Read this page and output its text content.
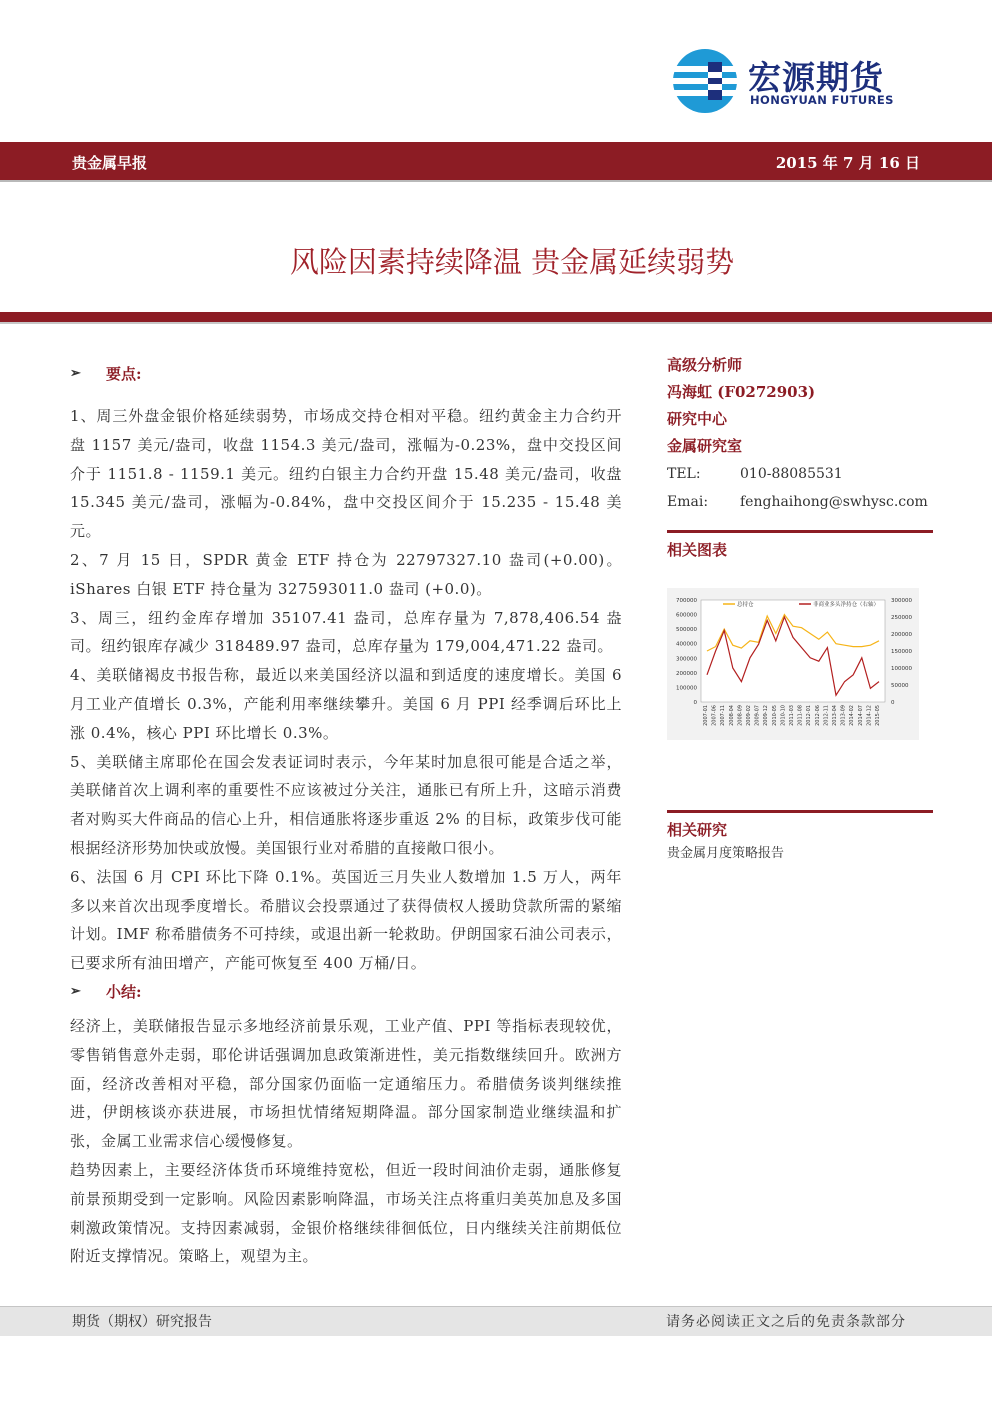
宏源期货
HONGYUAN FUTURES
贵金属早报	2015 年 7 月 16 日
风险因素持续降温 贵金属延续弱势
➢ 要点:

1、周三外盘金银价格延续弱势，市场成交持仓相对平稳。纽约黄金主力合约开盘 1157 美元/盎司，收盘 1154.3 美元/盎司，涨幅为-0.23%，盘中交投区间介于 1151.8 - 1159.1 美元。纽约白银主力合约开盘 15.48 美元/盎司，收盘 15.345 美元/盎司，涨幅为-0.84%，盘中交投区间介于 15.235 - 15.48 美元。

2、7 月 15 日，SPDR 黄金 ETF 持仓为 22797327.10 盎司(+0.00)。iShares 白银 ETF 持仓量为 327593011.0 盎司 (+0.0)。

3、周三，纽约金库存增加 35107.41 盎司，总库存量为 7,878,406.54 盎司。纽约银库存减少 318489.97 盎司，总库存量为 179,004,471.22 盎司。

4、美联储褐皮书报告称，最近以来美国经济以温和到适度的速度增长。美国 6 月工业产值增长 0.3%，产能利用率继续攀升。美国 6 月 PPI 经季调后环比上涨 0.4%，核心 PPI 环比增长 0.3%。

5、美联储主席耶伦在国会发表证词时表示，今年某时加息很可能是合适之举，美联储首次上调利率的重要性不应该被过分关注，通胀已有所上升，这暗示消费者对购买大件商品的信心上升，相信通胀将逐步重返 2% 的目标，政策步伐可能根据经济形势加快或放慢。美国银行业对希腊的直接敞口很小。

6、法国 6 月 CPI 环比下降 0.1%。英国近三月失业人数增加 1.5 万人，两年多以来首次出现季度增长。希腊议会投票通过了获得债权人援助贷款所需的紧缩计划。IMF 称希腊债务不可持续，或退出新一轮救助。伊朗国家石油公司表示，已要求所有油田增产，产能可恢复至 400 万桶/日。

➢ 小结:

经济上，美联储报告显示多地经济前景乐观，工业产值、PPI 等指标表现较优，零售销售意外走弱，耶伦讲话强调加息政策渐进性，美元指数继续回升。欧洲方面，经济改善相对平稳，部分国家仍面临一定通缩压力。希腊债务谈判继续推进，伊朗核谈亦获进展，市场担忧情绪短期降温。部分国家制造业继续温和扩张，金属工业需求信心缓慢修复。

趋势因素上，主要经济体货币环境维持宽松，但近一段时间油价走弱，通胀修复前景预期受到一定影响。风险因素影响降温，市场关注点将重归美英加息及多国刺激政策情况。支持因素减弱，金银价格继续徘徊低位，日内继续关注前期低位附近支撑情况。策略上，观望为主。

高级分析师
冯海虹 (F0272903)
研究中心
金属研究室
TEL:	010-88085531
Emai:	fenghaihong@swhysc.com
相关图表
700000
600000
500000
400000
300000
200000
100000
0
300000
250000
200000
150000
100000
50000
0
2007-01 2007-06 2007-11 2008-04 2008-09 2009-02 2009-07 2009-12 2010-05 2010-10 2011-03 2011-08 2012-01 2012-06 2012-11 2013-04 2013-09 2014-02 2014-07 2014-12 2015-05
总持仓	非商业多头净持仓（右轴）
相关研究
贵金属月度策略报告
期货（期权）研究报告	请务必阅读正文之后的免责条款部分
